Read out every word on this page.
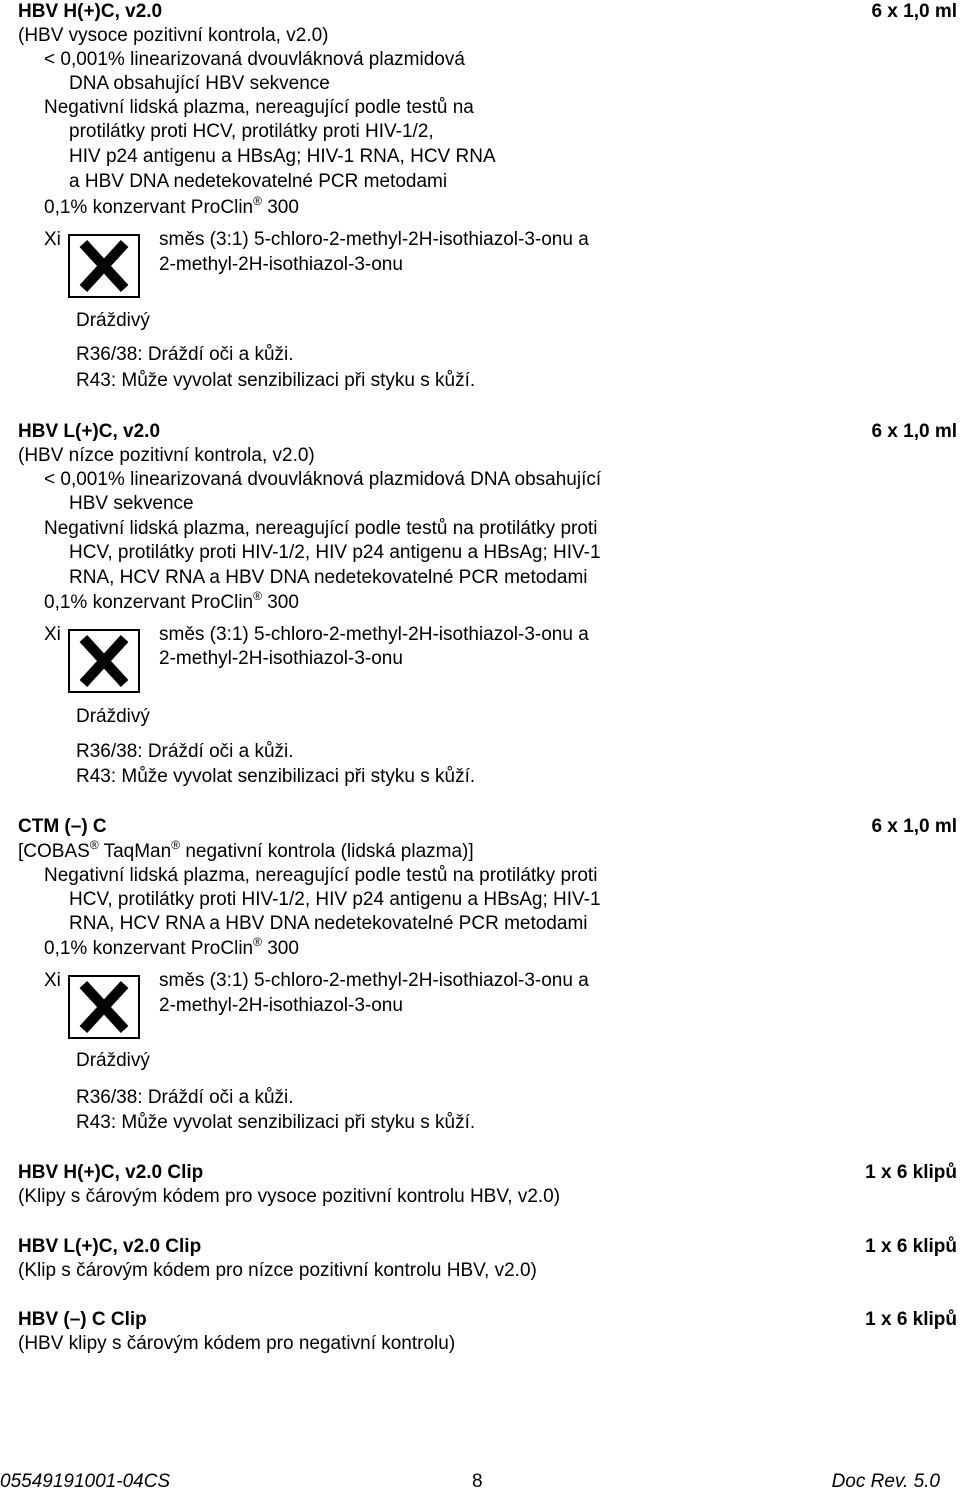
HBV H(+)C, v2.0	6 x 1,0 ml
(HBV vysoce pozitivní kontrola, v2.0)
< 0,001% linearizovaná dvouvláknová plazmidová
DNA obsahující HBV sekvence
Negativní lidská plazma, nereagující podle testů na
protilátky proti HCV, protilátky proti HIV-1/2,
HIV p24 antigenu a HBsAg; HIV-1 RNA, HCV RNA
a HBV DNA nedetekovatelné PCR metodami
0,1% konzervant ProClin® 300
Xi	směs (3:1) 5-chloro-2-methyl-2H-isothiazol-3-onu a
2-methyl-2H-isothiazol-3-onu
Dráždivý
R36/38: Dráždí oči a kůži.
R43: Může vyvolat senzibilizaci při styku s kůží.
HBV L(+)C, v2.0	6 x 1,0 ml
(HBV nízce pozitivní kontrola, v2.0)
< 0,001% linearizovaná dvouvláknová plazmidová DNA obsahující
HBV sekvence
Negativní lidská plazma, nereagující podle testů na protilátky proti
HCV, protilátky proti HIV-1/2, HIV p24 antigenu a HBsAg; HIV-1
RNA, HCV RNA a HBV DNA nedetekovatelné PCR metodami
0,1% konzervant ProClin® 300
Xi	směs (3:1) 5-chloro-2-methyl-2H-isothiazol-3-onu a
2-methyl-2H-isothiazol-3-onu
Dráždivý
R36/38: Dráždí oči a kůži.
R43: Může vyvolat senzibilizaci při styku s kůží.
CTM (–) C	6 x 1,0 ml
[COBAS® TaqMan® negativní kontrola (lidská plazma)]
Negativní lidská plazma, nereagující podle testů na protilátky proti
HCV, protilátky proti HIV-1/2, HIV p24 antigenu a HBsAg; HIV-1
RNA, HCV RNA a HBV DNA nedetekovatelné PCR metodami
0,1% konzervant ProClin® 300
Xi	směs (3:1) 5-chloro-2-methyl-2H-isothiazol-3-onu a
2-methyl-2H-isothiazol-3-onu
Dráždivý
R36/38: Dráždí oči a kůži.
R43: Může vyvolat senzibilizaci při styku s kůží.
HBV H(+)C, v2.0 Clip	1 x 6 klipů
(Klipy s čárovým kódem pro vysoce pozitivní kontrolu HBV, v2.0)
HBV L(+)C, v2.0 Clip	1 x 6 klipů
(Klip s čárovým kódem pro nízce pozitivní kontrolu HBV, v2.0)
HBV (–) C Clip	1 x 6 klipů
(HBV klipy s čárovým kódem pro negativní kontrolu)
05549191001-04CS	8	Doc Rev. 5.0
